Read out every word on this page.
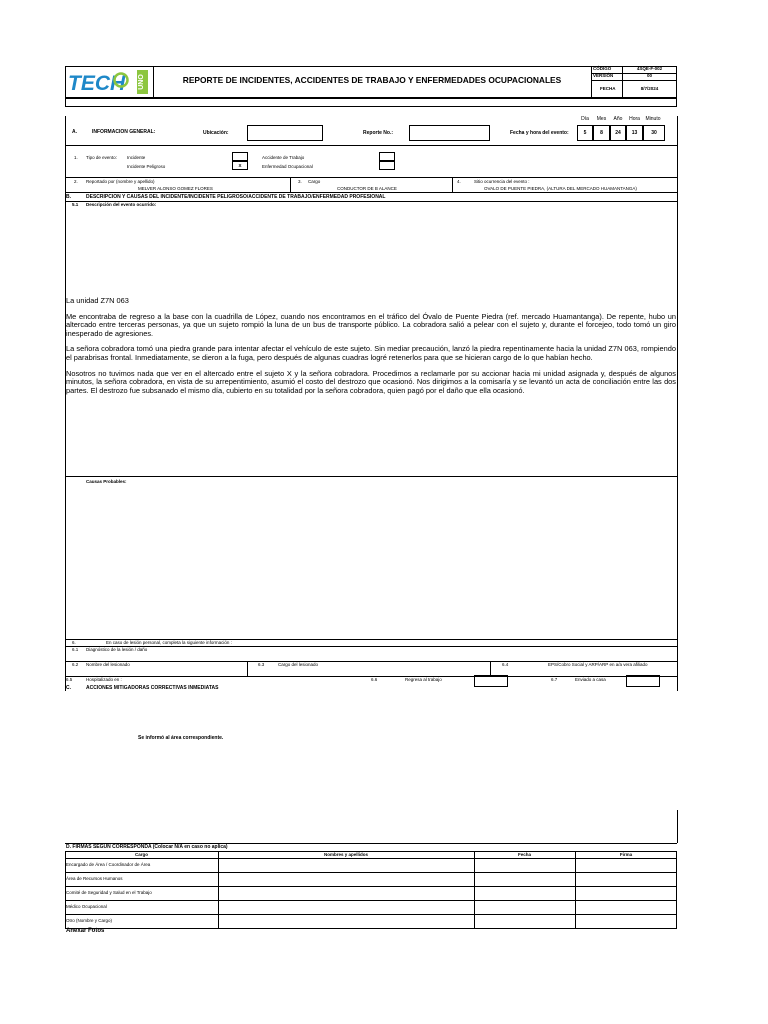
TECH UNO	REPORTE DE INCIDENTES, ACCIDENTES DE TRABAJO Y ENFERMEDADES OCUPACIONALES
CÓDIGO	4SQE-F-002
VERSIÓN	00
FECHA	8/7/2024
Día	Mes	Año	Hora	Minuto
A.	INFORMACION GENERAL:	Ubicación:	Reporte No.:	Fecha y hora del evento:	5	8	24	13	30
1. Tipo de evento: Incidente
Incidente Peligroso	X
Accidente de Trabajo
Enfermedad Ocupacional
2. Reportado por (nombre y apellido)
MELVER ALONSO GOMEZ FLORES
3. Cargo
CONDUCTOR DE B ALANCE
4.	Sitio ocurrencia del evento :
OVALO DE PUENTE PIEDRA, (ALTURA DEL MERCADO HUAMANTANGA)
B.	DESCRIPCION Y CAUSAS DEL INCIDENTE/INCIDENTE PELIGROSO/ACCIDENTE DE TRABAJO/ENFERMEDAD PROFESIONAL
5.1 Descripción del evento ocurrido:
La unidad Z7N 063
Me encontraba de regreso a la base con la cuadrilla de López, cuando nos encontramos en el tráfico del Óvalo de Puente Piedra (ref. mercado Huamantanga). De repente, hubo un altercado entre terceras personas, ya que un sujeto rompió la luna de un bus de transporte público. La cobradora salió a pelear con el sujeto y, durante el forcejeo, todo tomó un giro inesperado de agresiones.
La señora cobradora tomó una piedra grande para intentar afectar el vehículo de este sujeto. Sin mediar precaución, lanzó la piedra repentinamente hacia la unidad Z7N 063, rompiendo el parabrisas frontal. Inmediatamente, se dieron a la fuga, pero después de algunas cuadras logré retenerlos para que se hicieran cargo de lo que habían hecho.
Nosotros no tuvimos nada que ver en el altercado entre el sujeto X y la señora cobradora. Procedimos a reclamarle por su accionar hacia mi unidad asignada y, después de algunos minutos, la señora cobradora, en vista de su arrepentimiento, asumió el costo del destrozo que ocasionó. Nos dirigimos a la comisaría y se levantó un acta de conciliación entre las dos partes. El destrozo fue subsanado el mismo día, cubierto en su totalidad por la señora cobradora, quien pagó por el daño que ella ocasionó.
Causas Probables:
6.	En caso de lesión personal, completa la siguiente información :
6.1 Diagnóstico de la lesión / daño
6.2 Nombre del lesionado	6.3	Cargo del lesionado	6.4	EPS/Cobro Social y ARP/ARP en a/a vera afiliado
6.5	Hospitalizado en :	6.6	Regresa al trabajo	6.7	Enviado a casa
C.	ACCIONES MITIGADORAS CORRECTIVAS INMEDIATAS
Se informó al área correspondiente.
D. FIRMAS SEGÚN CORRESPONDA (Colocar N/A en caso no aplica)
Cargo	Nombres y apellidos	Fecha	Firma
Encargado de Área / Coordinador de Área
Área de Recursos Humanos
Comité de Seguridad y Salud en el Trabajo
Médico Ocupacional
Otro (Nombre y Cargo)
Anexar Fotos
